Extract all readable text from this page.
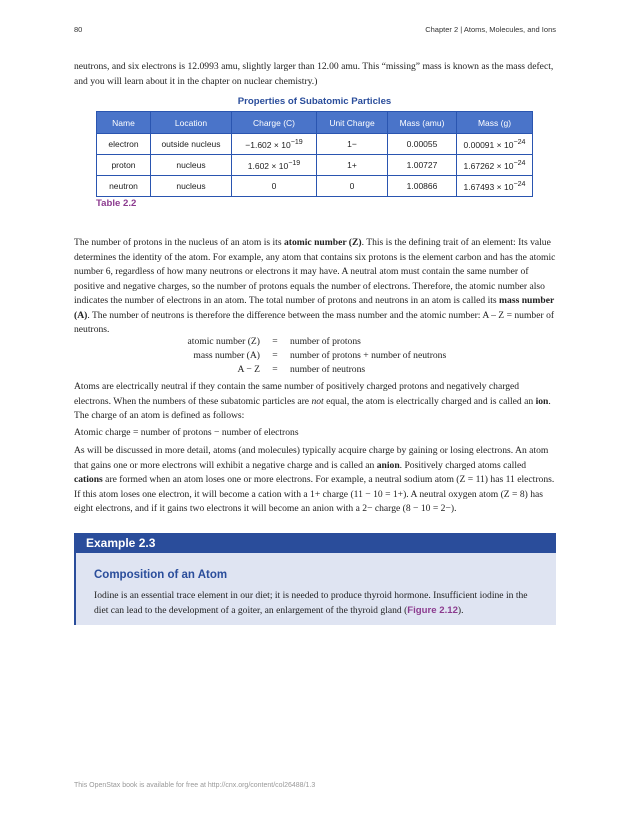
80	Chapter 2 | Atoms, Molecules, and Ions

neutrons, and six electrons is 12.0993 amu, slightly larger than 12.00 amu. This “missing” mass is known as the mass defect, and you will learn about it in the chapter on nuclear chemistry.)

Properties of Subatomic Particles
Name	Location	Charge (C)	Unit Charge	Mass (amu)	Mass (g)
electron	outside nucleus	$-1.602 \times 10^{-19}$	1−	0.00055	$0.00091 \times 10^{-24}$
proton	nucleus	$1.602 \times 10^{-19}$	1+	1.00727	$1.67262 \times 10^{-24}$
neutron	nucleus	0	0	1.00866	$1.67493 \times 10^{-24}$
Table 2.2

The number of protons in the nucleus of an atom is its atomic number (Z). This is the defining trait of an element: Its value determines the identity of the atom. For example, any atom that contains six protons is the element carbon and has the atomic number 6, regardless of how many neutrons or electrons it may have. A neutral atom must contain the same number of positive and negative charges, so the number of protons equals the number of electrons. Therefore, the atomic number also indicates the number of electrons in an atom. The total number of protons and neutrons in an atom is called its mass number (A). The number of neutrons is therefore the difference between the mass number and the atomic number: A – Z = number of neutrons.

atomic number (Z) = number of protons
mass number (A) = number of protons + number of neutrons
A − Z = number of neutrons

Atoms are electrically neutral if they contain the same number of positively charged protons and negatively charged electrons. When the numbers of these subatomic particles are not equal, the atom is electrically charged and is called an ion. The charge of an atom is defined as follows:

Atomic charge = number of protons − number of electrons

As will be discussed in more detail, atoms (and molecules) typically acquire charge by gaining or losing electrons. An atom that gains one or more electrons will exhibit a negative charge and is called an anion. Positively charged atoms called cations are formed when an atom loses one or more electrons. For example, a neutral sodium atom (Z = 11) has 11 electrons. If this atom loses one electron, it will become a cation with a 1+ charge (11 − 10 = 1+). A neutral oxygen atom (Z = 8) has eight electrons, and if it gains two electrons it will become an anion with a 2− charge (8 − 10 = 2−).

Example 2.3
Composition of an Atom

Iodine is an essential trace element in our diet; it is needed to produce thyroid hormone. Insufficient iodine in the diet can lead to the development of a goiter, an enlargement of the thyroid gland (Figure 2.12).

This OpenStax book is available for free at http://cnx.org/content/col26488/1.3
